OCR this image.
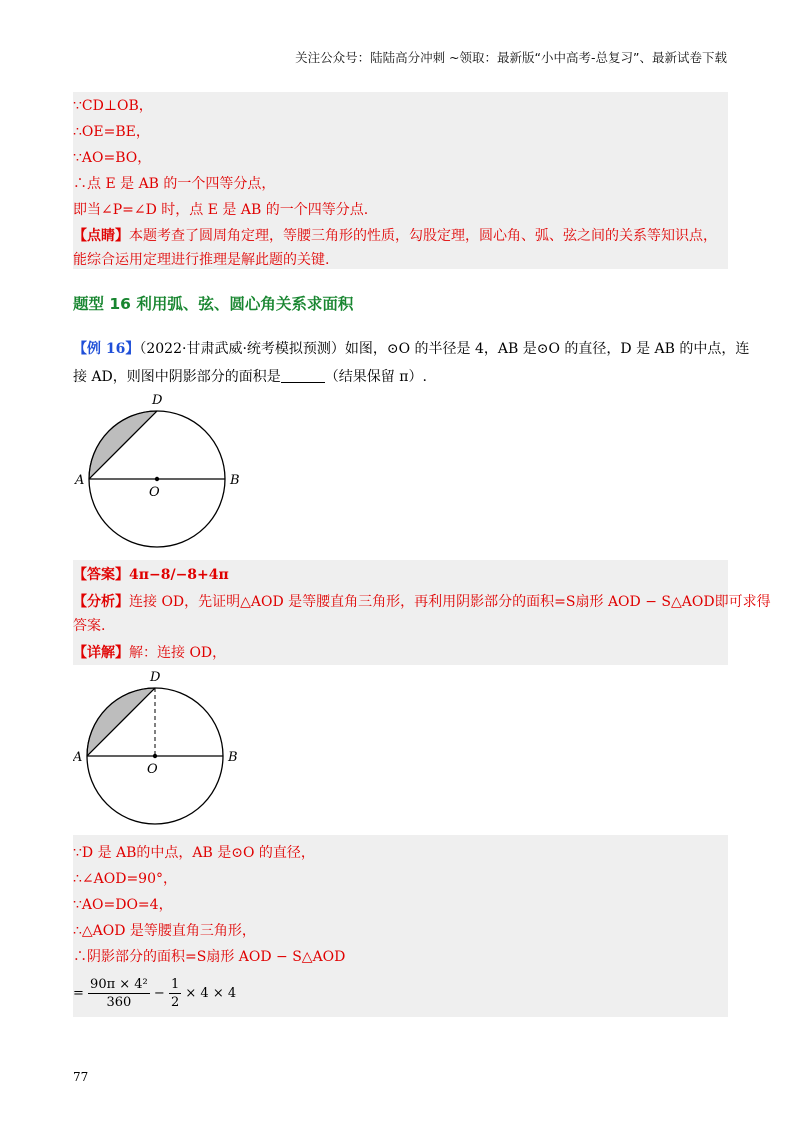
关注公众号：陆陆高分冲刺 ~领取：最新版“小中高考-总复习”、最新试卷下载
∵CD⊥OB，
∴OE=BE，
∵AO=BO，
∴点 E 是 AB 的一个四等分点，
即当∠P=∠D 时，点 E 是 AB 的一个四等分点.
【点睛】本题考查了圆周角定理，等腰三角形的性质，勾股定理，圆心角、弧、弦之间的关系等知识点，
能综合运用定理进行推理是解此题的关键.
题型 16 利用弧、弦、圆心角关系求面积
【例 16】（2022·甘肃武威·统考模拟预测）如图，⊙O 的半径是 4，AB 是⊙O 的直径，D 是 AB 的中点，连
接 AD，则图中阴影部分的面积是	（结果保留 π）.
A	B
D
O
【答案】4π−8/−8+4π
【分析】连接 OD，先证明△AOD 是等腰直角三角形，再利用阴影部分的面积=S扇形 AOD − S△AOD即可求得
答案.
【详解】解：连接 OD，
A	B
D
O
∵D 是 AB的中点，AB 是⊙O 的直径，
∴∠AOD=90°，
∵AO=DO=4，
∴△AOD 是等腰直角三角形，
∴阴影部分的面积=S扇形 AOD − S△AOD
= $\frac{\text{90π × 4²}}{360} - \frac{1}{2} \times 4 \times 4$
77
